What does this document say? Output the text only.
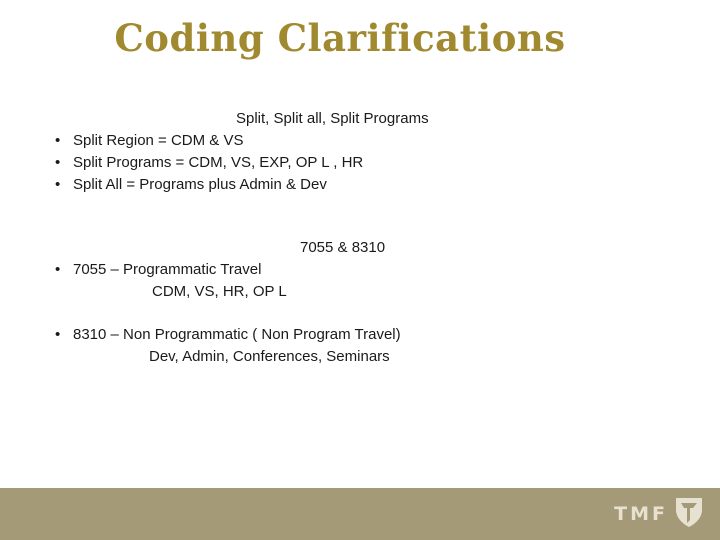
Coding Clarifications
Split, Split all, Split Programs
• Split Region = CDM & VS
• Split Programs = CDM, VS, EXP, OP L , HR
• Split All = Programs plus Admin & Dev
7055 & 8310
• 7055 – Programmatic Travel
CDM, VS, HR, OP L
• 8310 – Non Programmatic ( Non Program Travel)
Dev, Admin, Conferences, Seminars
TMF
